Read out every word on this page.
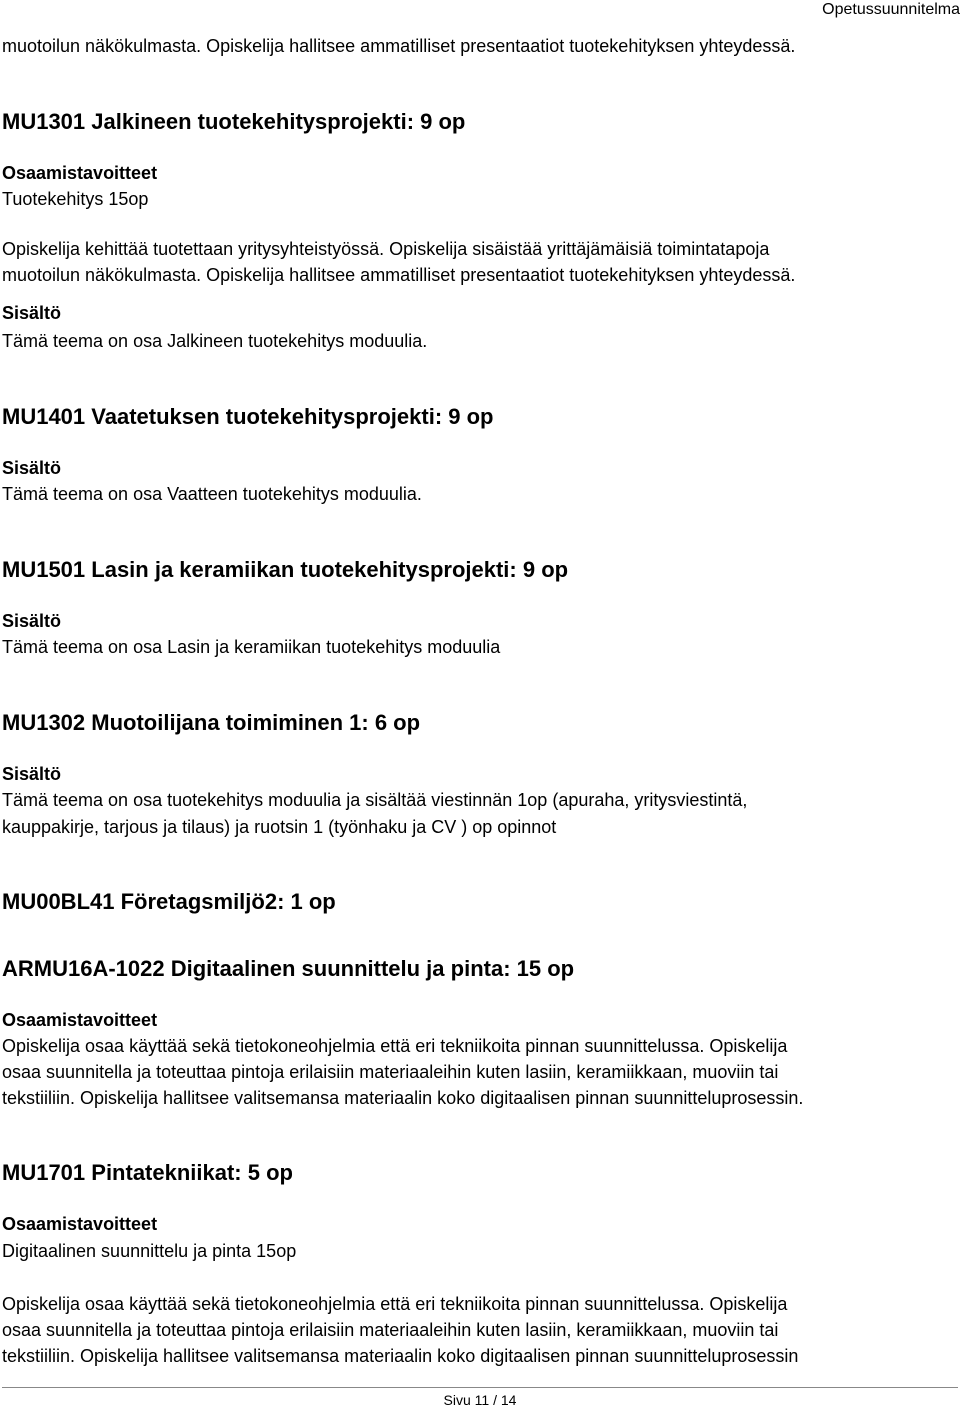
Opetussuunnitelma

muotoilun näkökulmasta. Opiskelija hallitsee ammatilliset presentaatiot tuotekehityksen yhteydessä.

MU1301 Jalkineen tuotekehitysprojekti: 9 op

Osaamistavoitteet

Tuotekehitys 15op

Opiskelija kehittää tuotettaan yritysyhteistyössä. Opiskelija sisäistää yrittäjämäisiä toimintatapoja

muotoilun näkökulmasta. Opiskelija hallitsee ammatilliset presentaatiot tuotekehityksen yhteydessä.

Sisältö

Tämä teema on osa Jalkineen tuotekehitys moduulia.

MU1401 Vaatetuksen tuotekehitysprojekti: 9 op

Sisältö

Tämä teema on osa Vaatteen tuotekehitys moduulia.

MU1501 Lasin ja keramiikan tuotekehitysprojekti: 9 op

Sisältö

Tämä teema on osa Lasin ja keramiikan tuotekehitys moduulia

MU1302 Muotoilijana toimiminen 1: 6 op

Sisältö

Tämä teema on osa tuotekehitys moduulia ja sisältää viestinnän 1op (apuraha, yritysviestintä,

kauppakirje, tarjous ja tilaus) ja ruotsin 1 (työnhaku ja CV ) op opinnot

MU00BL41 Företagsmiljö2: 1 op
ARMU16A-1022 Digitaalinen suunnittelu ja pinta: 15 op

Osaamistavoitteet

Opiskelija osaa käyttää sekä tietokoneohjelmia että eri tekniikoita pinnan suunnittelussa. Opiskelija

osaa suunnitella ja toteuttaa pintoja erilaisiin materiaaleihin kuten lasiin, keramiikkaan, muoviin tai

tekstiiliin. Opiskelija hallitsee valitsemansa materiaalin koko digitaalisen pinnan suunnitteluprosessin.

MU1701 Pintatekniikat: 5 op

Osaamistavoitteet

Digitaalinen suunnittelu ja pinta 15op

Opiskelija osaa käyttää sekä tietokoneohjelmia että eri tekniikoita pinnan suunnittelussa. Opiskelija

osaa suunnitella ja toteuttaa pintoja erilaisiin materiaaleihin kuten lasiin, keramiikkaan, muoviin tai

tekstiiliin. Opiskelija hallitsee valitsemansa materiaalin koko digitaalisen pinnan suunnitteluprosessin

Sivu 11 / 14
